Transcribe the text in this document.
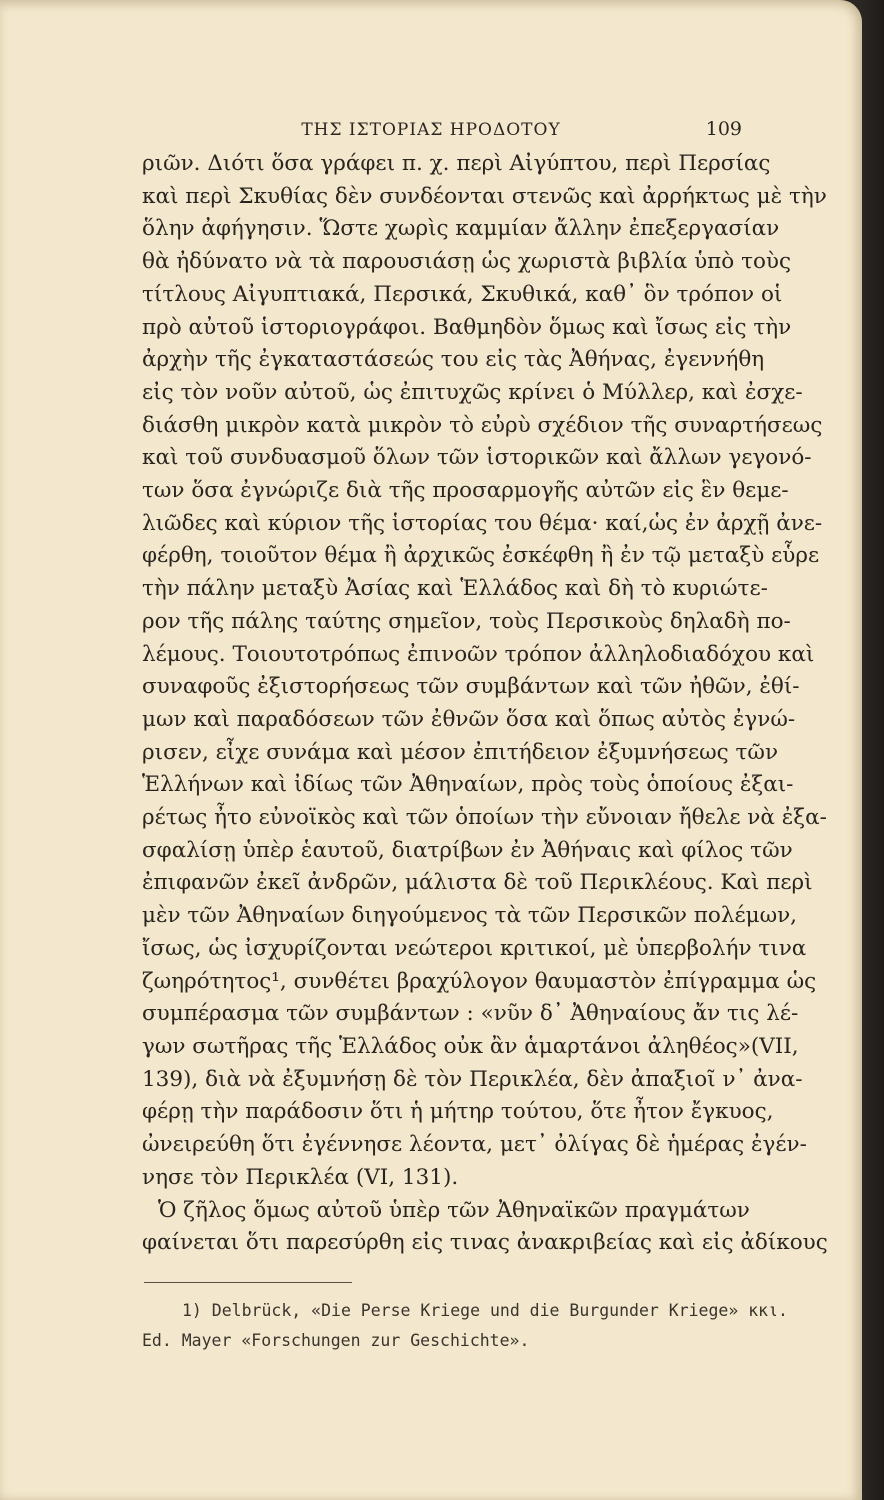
ΤΗΣ ΙΣΤΟΡΙΑΣ ΗΡΟΔΟΤΟΥ	109
ριῶν. Διότι ὅσα γράφει π. χ. περὶ Αἰγύπτου, περὶ Περσίας
καὶ περὶ Σκυθίας δὲν συνδέονται στενῶς καὶ ἀρρήκτως μὲ τὴν
ὅλην ἀφήγησιν. Ὥστε χωρὶς καμμίαν ἄλλην ἐπεξεργασίαν
θὰ ἠδύνατο νὰ τὰ παρουσιάσῃ ὡς χωριστὰ βιβλία ὑπὸ τοὺς
τίτλους Αἰγυπτιακά, Περσικά, Σκυθικά, καθ᾽ ὃν τρόπον οἱ
πρὸ αὐτοῦ ἱστοριογράφοι. Βαθμηδὸν ὅμως καὶ ἴσως εἰς τὴν
ἀρχὴν τῆς ἐγκαταστάσεώς του εἰς τὰς Ἀθήνας, ἐγεννήθη
εἰς τὸν νοῦν αὐτοῦ, ὡς ἐπιτυχῶς κρίνει ὁ Μύλλερ, καὶ ἐσχε-
διάσθη μικρὸν κατὰ μικρὸν τὸ εὐρὺ σχέδιον τῆς συναρτήσεως
καὶ τοῦ συνδυασμοῦ ὅλων τῶν ἱστορικῶν καὶ ἄλλων γεγονό-
των ὅσα ἐγνώριζε διὰ τῆς προσαρμογῆς αὐτῶν εἰς ἓν θεμε-
λιῶδες καὶ κύριον τῆς ἱστορίας του θέμα· καί,ὡς ἐν ἀρχῇ ἀνε-
φέρθη, τοιοῦτον θέμα ἢ ἀρχικῶς ἐσκέφθη ἢ ἐν τῷ μεταξὺ εὗρε
τὴν πάλην μεταξὺ Ἀσίας καὶ Ἑλλάδος καὶ δὴ τὸ κυριώτε-
ρον τῆς πάλης ταύτης σημεῖον, τοὺς Περσικοὺς δηλαδὴ πο-
λέμους. Τοιουτοτρόπως ἐπινοῶν τρόπον ἀλληλοδιαδόχου καὶ
συναφοῦς ἐξιστορήσεως τῶν συμβάντων καὶ τῶν ἠθῶν, ἐθί-
μων καὶ παραδόσεων τῶν ἐθνῶν ὅσα καὶ ὅπως αὐτὸς ἐγνώ-
ρισεν, εἶχε συνάμα καὶ μέσον ἐπιτήδειον ἐξυμνήσεως τῶν
Ἑλλήνων καὶ ἰδίως τῶν Ἀθηναίων, πρὸς τοὺς ὁποίους ἐξαι-
ρέτως ἦτο εὐνοϊκὸς καὶ τῶν ὁποίων τὴν εὔνοιαν ἤθελε νὰ ἐξα-
σφαλίσῃ ὑπὲρ ἑαυτοῦ, διατρίβων ἐν Ἀθήναις καὶ φίλος τῶν
ἐπιφανῶν ἐκεῖ ἀνδρῶν, μάλιστα δὲ τοῦ Περικλέους. Καὶ περὶ
μὲν τῶν Ἀθηναίων διηγούμενος τὰ τῶν Περσικῶν πολέμων,
ἴσως, ὡς ἰσχυρίζονται νεώτεροι κριτικοί, μὲ ὑπερβολήν τινα
ζωηρότητος¹, συνθέτει βραχύλογον θαυμαστὸν ἐπίγραμμα ὡς
συμπέρασμα τῶν συμβάντων : «νῦν δ᾽ Ἀθηναίους ἄν τις λέ-
γων σωτῆρας τῆς Ἑλλάδος οὐκ ἂν ἁμαρτάνοι ἀληθέος»(VII,
139), διὰ νὰ ἐξυμνήσῃ δὲ τὸν Περικλέα, δὲν ἀπαξιοῖ ν᾽ ἀνα-
φέρῃ τὴν παράδοσιν ὅτι ἡ μήτηρ τούτου, ὅτε ἦτον ἔγκυος,
ὠνειρεύθη ὅτι ἐγέννησε λέοντα, μετ᾽ ὀλίγας δὲ ἡμέρας ἐγέν-
νησε τὸν Περικλέα (VI, 131).
Ὁ ζῆλος ὅμως αὐτοῦ ὑπὲρ τῶν Ἀθηναϊκῶν πραγμάτων
φαίνεται ὅτι παρεσύρθη εἰς τινας ἀνακριβείας καὶ εἰς ἀδίκους
1) Delbrück, «Die Perse Kriege und die Burgunder Kriege» κκι.
Ed. Mayer «Forschungen zur Geschichte».
